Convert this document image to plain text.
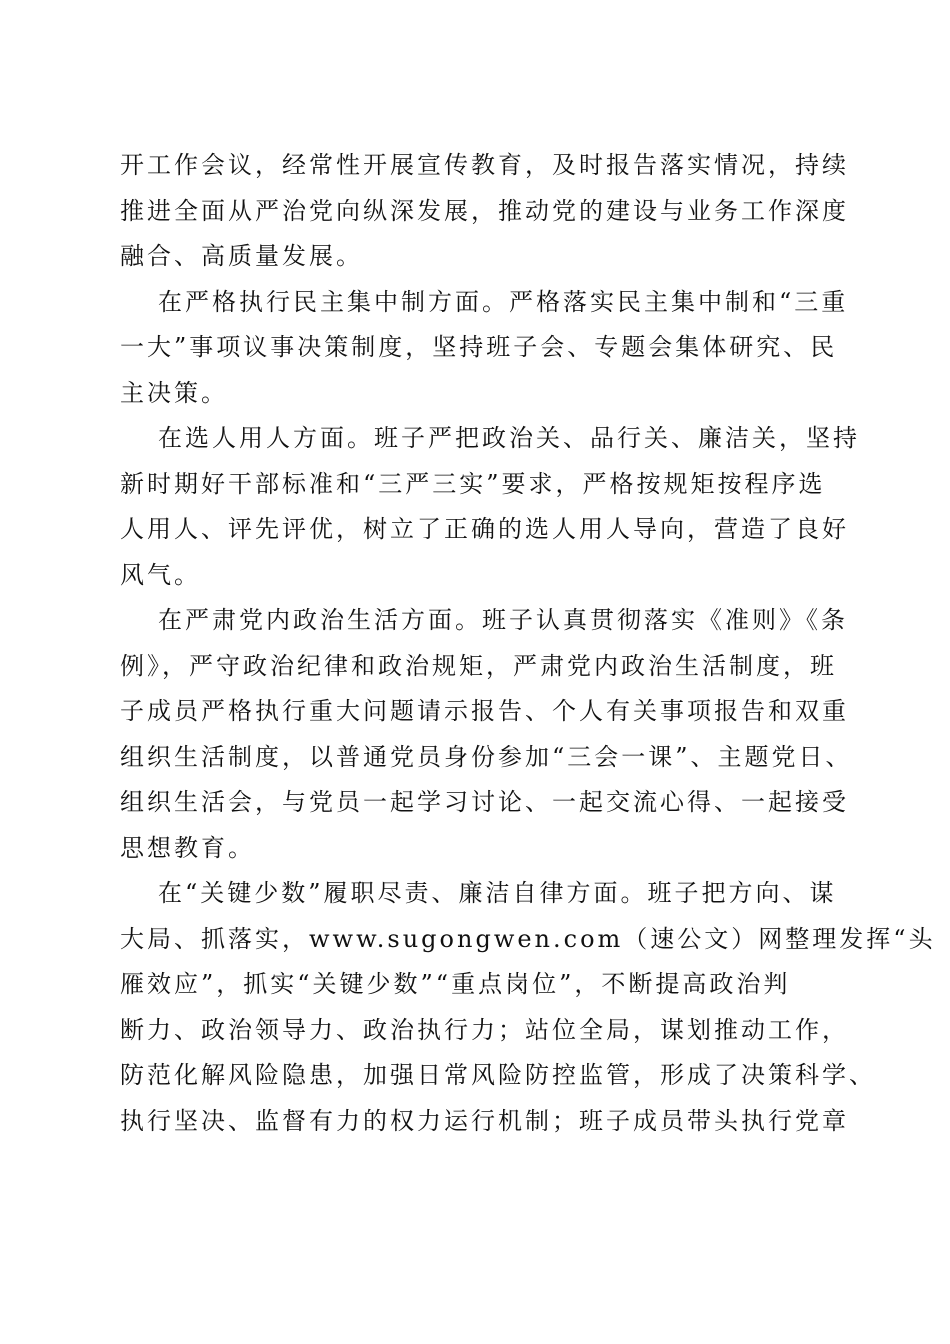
开工作会议，经常性开展宣传教育，及时报告落实情况，持续
推进全面从严治党向纵深发展，推动党的建设与业务工作深度
融合、高质量发展。
在严格执行民主集中制方面。严格落实民主集中制和“三重
一大”事项议事决策制度，坚持班子会、专题会集体研究、民
主决策。
在选人用人方面。班子严把政治关、品行关、廉洁关，坚持
新时期好干部标准和“三严三实”要求，严格按规矩按程序选
人用人、评先评优，树立了正确的选人用人导向，营造了良好
风气。
在严肃党内政治生活方面。班子认真贯彻落实《准则》《条
例》，严守政治纪律和政治规矩，严肃党内政治生活制度，班
子成员严格执行重大问题请示报告、个人有关事项报告和双重
组织生活制度，以普通党员身份参加“三会一课”、主题党日、
组织生活会，与党员一起学习讨论、一起交流心得、一起接受
思想教育。
在“关键少数”履职尽责、廉洁自律方面。班子把方向、谋
大局、抓落实，www.sugongwen.com（速公文）网整理发挥“头
雁效应”，抓实“关键少数”“重点岗位”，不断提高政治判
断力、政治领导力、政治执行力；站位全局，谋划推动工作，
防范化解风险隐患，加强日常风险防控监管，形成了决策科学、
执行坚决、监督有力的权力运行机制；班子成员带头执行党章
